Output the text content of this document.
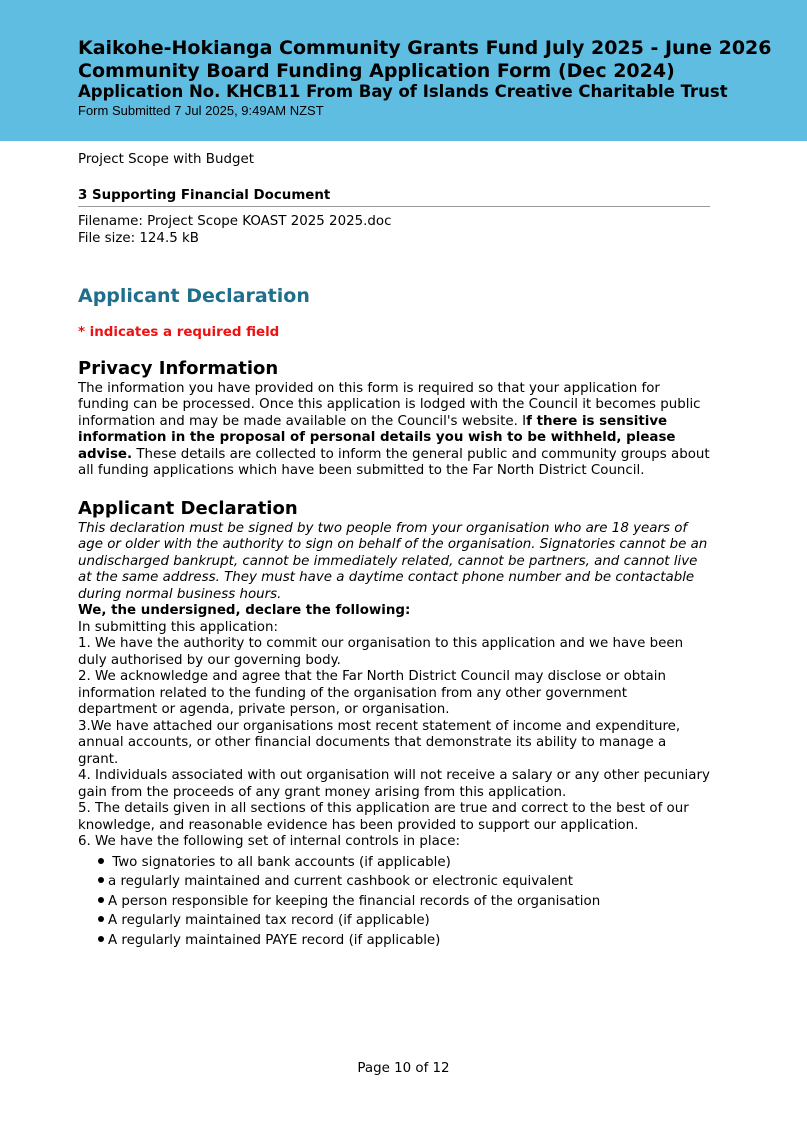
Kaikohe-Hokianga Community Grants Fund July 2025 - June 2026
Community Board Funding Application Form (Dec 2024)
Application No. KHCB11 From Bay of Islands Creative Charitable Trust
Form Submitted 7 Jul 2025, 9:49AM NZST

Project Scope with Budget

3 Supporting Financial Document
Filename: Project Scope KOAST 2025 2025.doc
File size: 124.5 kB
Applicant Declaration
* indicates a required field
Privacy Information

The information you have provided on this form is required so that your application for funding can be processed. Once this application is lodged with the Council it becomes public information and may be made available on the Council's website. If there is sensitive information in the proposal of personal details you wish to be withheld, please advise. These details are collected to inform the general public and community groups about all funding applications which have been submitted to the Far North District Council.

Applicant Declaration

This declaration must be signed by two people from your organisation who are 18 years of age or older with the authority to sign on behalf of the organisation. Signatories cannot be an undischarged bankrupt, cannot be immediately related, cannot be partners, and cannot live at the same address. They must have a daytime contact phone number and be contactable during normal business hours.

We, the undersigned, declare the following:

In submitting this application:

1. We have the authority to commit our organisation to this application and we have been duly authorised by our governing body.

2. We acknowledge and agree that the Far North District Council may disclose or obtain information related to the funding of the organisation from any other government department or agenda, private person, or organisation.

3.We have attached our organisations most recent statement of income and expenditure, annual accounts, or other financial documents that demonstrate its ability to manage a grant.

4. Individuals associated with out organisation will not receive a salary or any other pecuniary gain from the proceeds of any grant money arising from this application.

5. The details given in all sections of this application are true and correct to the best of our knowledge, and reasonable evidence has been provided to support our application.

6. We have the following set of internal controls in place:

Two signatories to all bank accounts (if applicable)
a regularly maintained and current cashbook or electronic equivalent
A person responsible for keeping the financial records of the organisation
A regularly maintained tax record (if applicable)
A regularly maintained PAYE record (if applicable)
Page 10 of 12
